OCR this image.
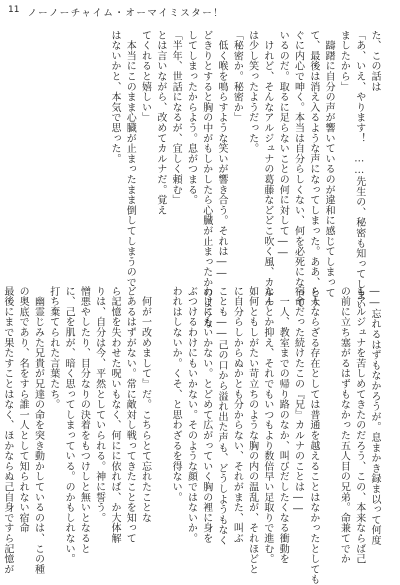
11 ノーノーチャイム・オーマイミスター！
た、この話は
「あ、いえ、やります！　……先生の、秘密も知ってしまい
ましたから」
　躊躇に自分の声が響いているのが違和に感じてしまって
て、最後は消え入るような声になってしまった。ああ、とす
ぐに内心で呻く。本当は自分らしくない、何を必死になって
いるのだ。取るに足らないことの何に対して――
　けれど、そんなアルジュナの葛藤などどこ吹く風、カルナ
は少し笑ったようだった。
「秘密か。秘密か」
　低く喉を鳴らすような笑いが響き合う。それは――
どきりとすると胸の中がもしかしたら心臓が止まったかのような
してしまったからよう。息がつまる。
「半年、世話になるが、宜しく頼む」
とは言いながら、改めてカルナだ。覚え
てくれると嬉しい」
　本当にこのまま心臓が止まったまま倒してしまうので
はないかと、本気で思った。
――忘れるはずもなかろうが。息まかき録ま以って何度
もアルジュナを苦しめてきたのだろう、この、本来ならば己
の前に立ち塞がるはずもなかった五人目の兄弟。命兼てでか
ら人ならざる存在としては普通を越えることはなかったとしても
宿命だった続けたこの『兄』カルナのことは――
　一人、教室までの帰り路のなか、叫びだしたくなる衝動を
なんとか抑え、それでもいつもより数倍早い足取りで進む。
如何ともしがたい苛立ちのような胸の内の温乱が、それほどと
に自分らしからぬかとも分からない、それがまた、叫ぶ
ことも――己の口から溢れ出た声も、どうしようもなく
わけにもいかない。とどめて広がっていく胸の裡に身を
ぶつけるわけにもいかない。そのような顔ではないか。
われはしないか。くそ、と思わざるを得ない。
　何が一改めまして』だ。こちらとて忘れたことな
どあるはずがない。常に敵対し戦ってきたことを知って
ら記憶を失わせた呪いもなく、何にに依れば、か大体解
りは、自分は今、平然としていられる。神に誓う。
憎悪やしたり、目分なりの決着をもつけしと無いとなると
に、己を肌が、暗く思ってしまっている。のかもしれない。
打ち棄てられた言葉たち。
　幽霊じみた兄貴が兄達の命を突き動かしているのは、この種
の奥底であり、名をすら誰一人として知られない宿命
最後にまで果たすことはなく、ほかならぬ己自身ですら記憶が
